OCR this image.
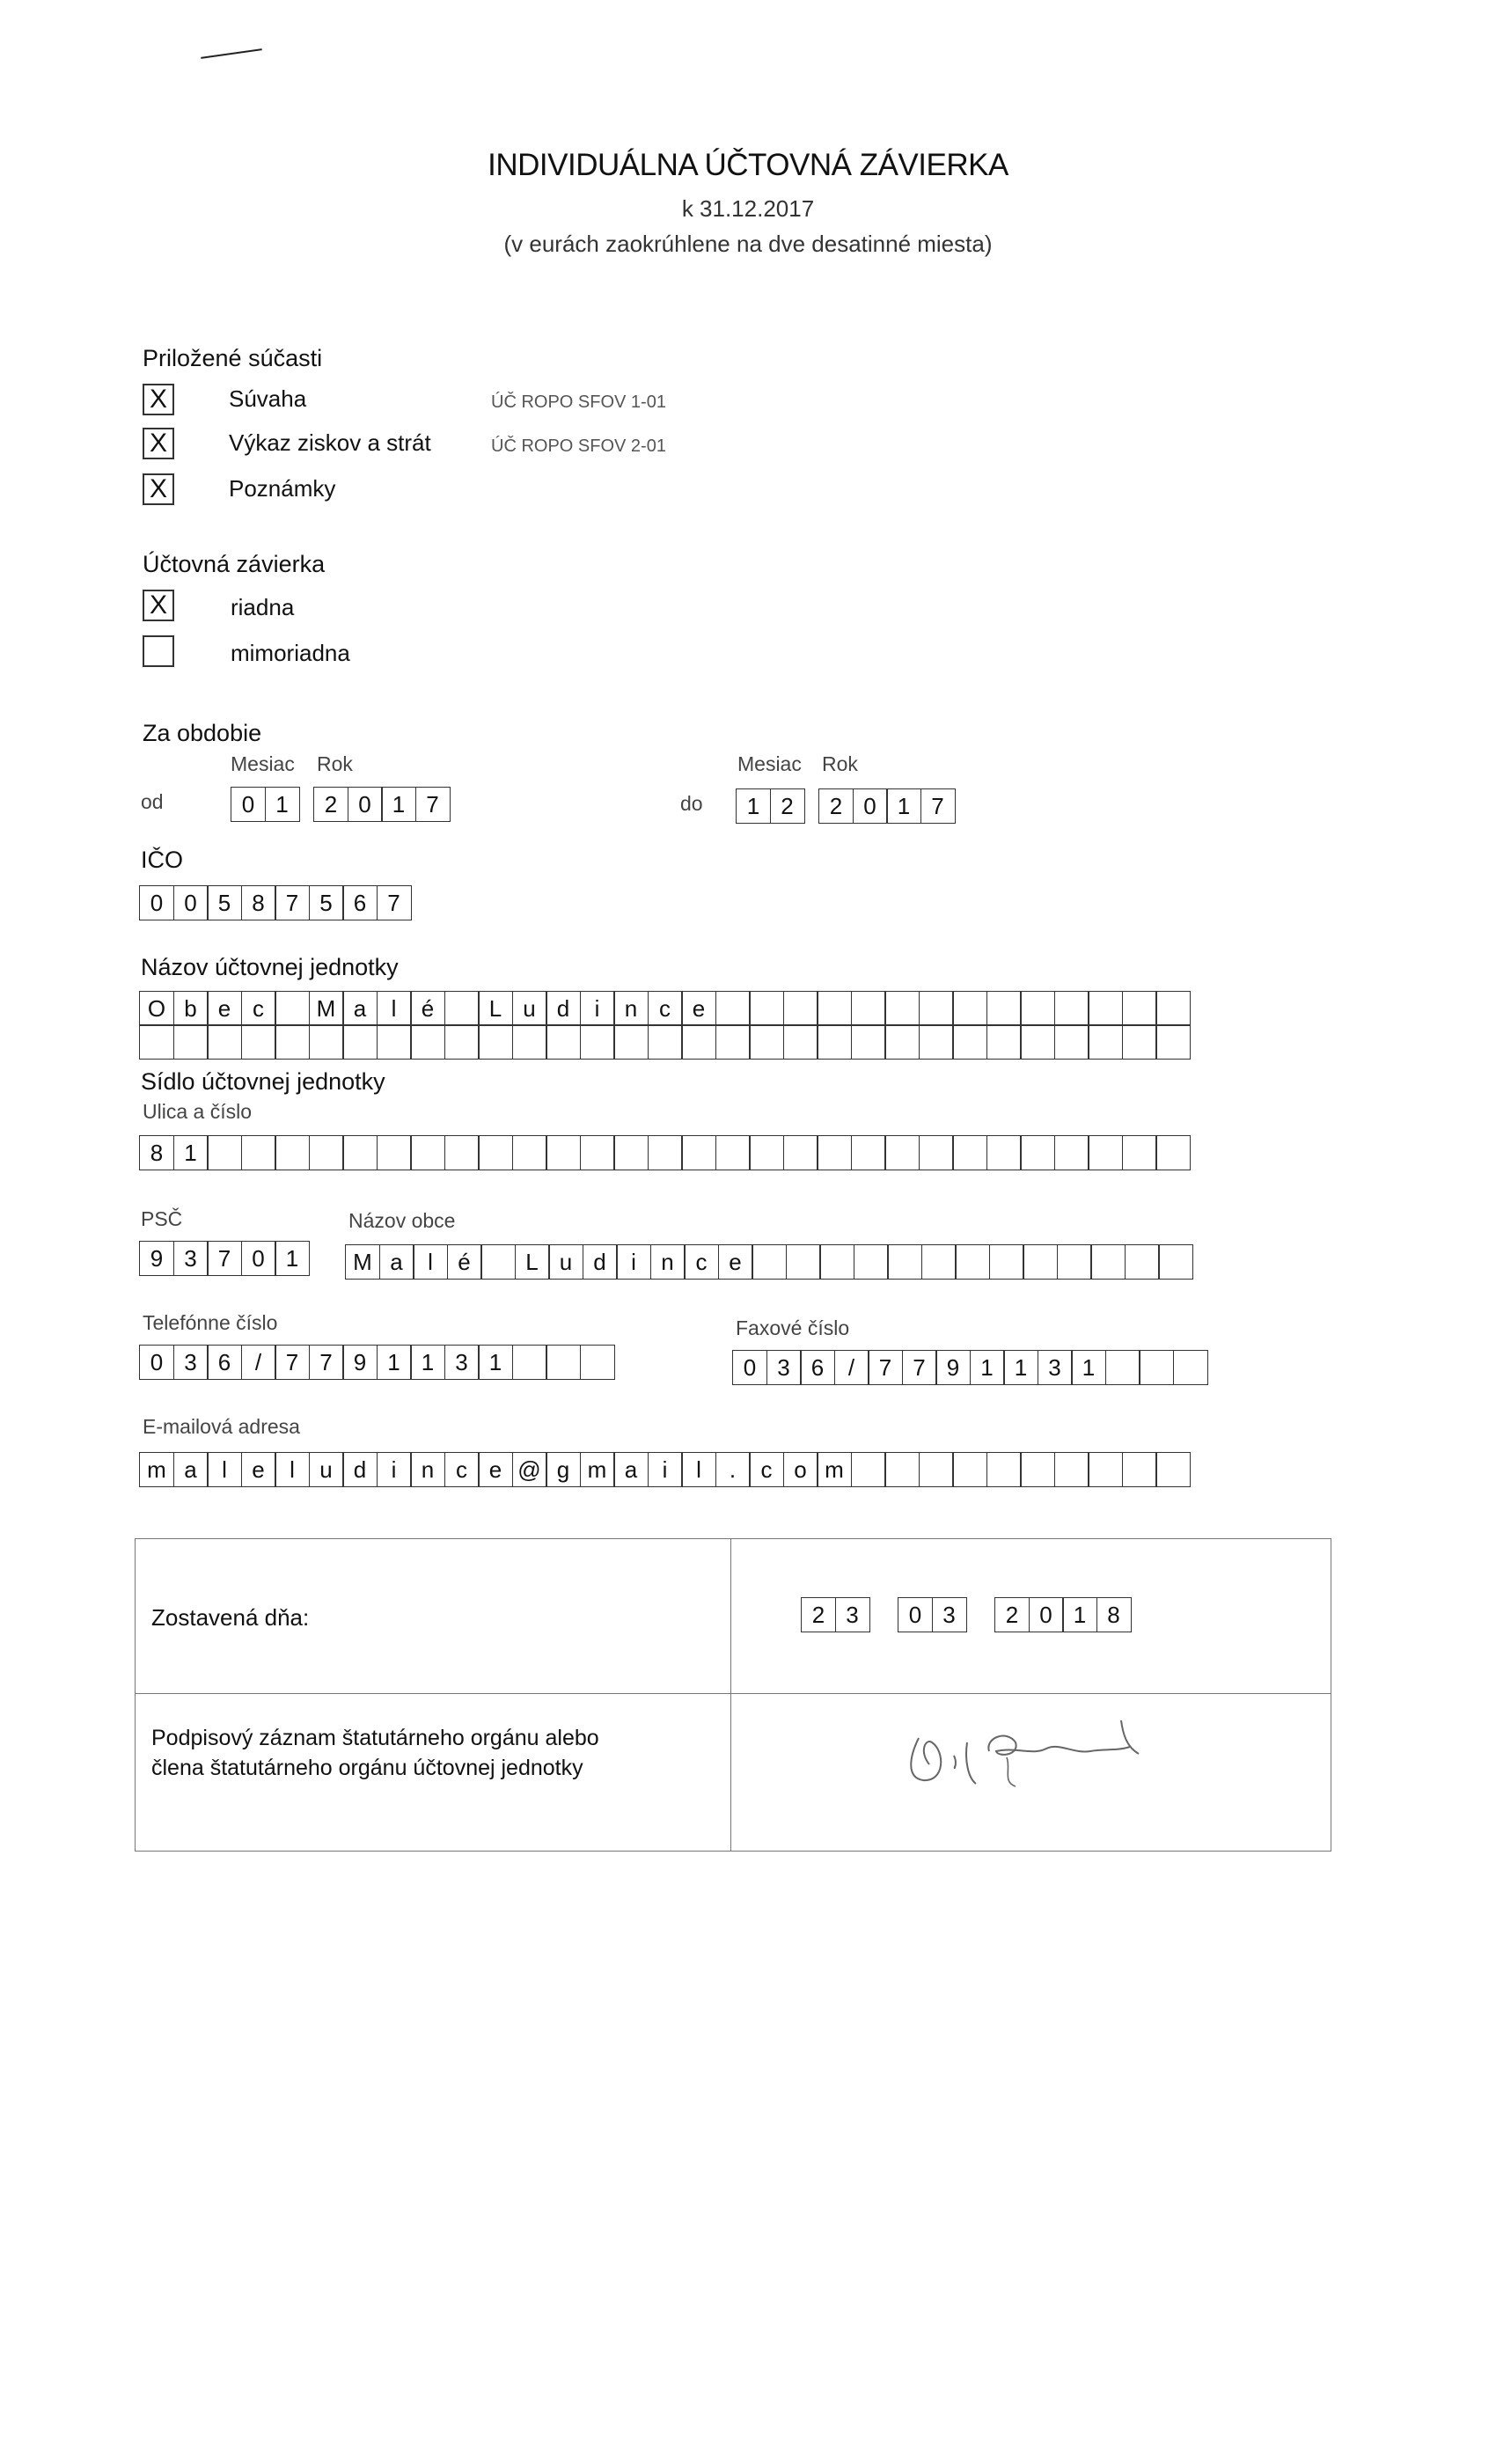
INDIVIDUÁLNA ÚČTOVNÁ ZÁVIERKA
k 31.12.2017
(v eurách zaokrúhlene na dve desatinné miesta)
Priložené súčasti
X	Súvaha	ÚČ ROPO SFOV 1-01
X	Výkaz ziskov a strát	ÚČ ROPO SFOV 2-01
X	Poznámky
Účtovná závierka
X	riadna
mimoriadna
Za obdobie
Mesiac Rok
od	0 1	2 0 1 7
Mesiac Rok
do	1 2	2 0 1 7
IČO
0 0 5 8 7 5 6 7
Názov účtovnej jednotky
O b e c	M a	l	é	L u d	i	n c e
Sídlo účtovnej jednotky
Ulica a číslo
8 1
PSČ
9 3 7 0 1
Názov obce
M a	l	é	L u d	i	n c e
Telefónne číslo
0 3 6	/	7 7 9 1 1 3 1
Faxové číslo
0 3 6	/	7 7 9 1 1 3 1
E-mailová adresa
m a	l	e	l	u d	i	n c e @ g m a	i	l	.	c o m
Zostavená dňa:	2 3	0 3	2 0 1 8
Podpisový záznam štatutárneho orgánu alebo
člena štatutárneho orgánu účtovnej jednotky
